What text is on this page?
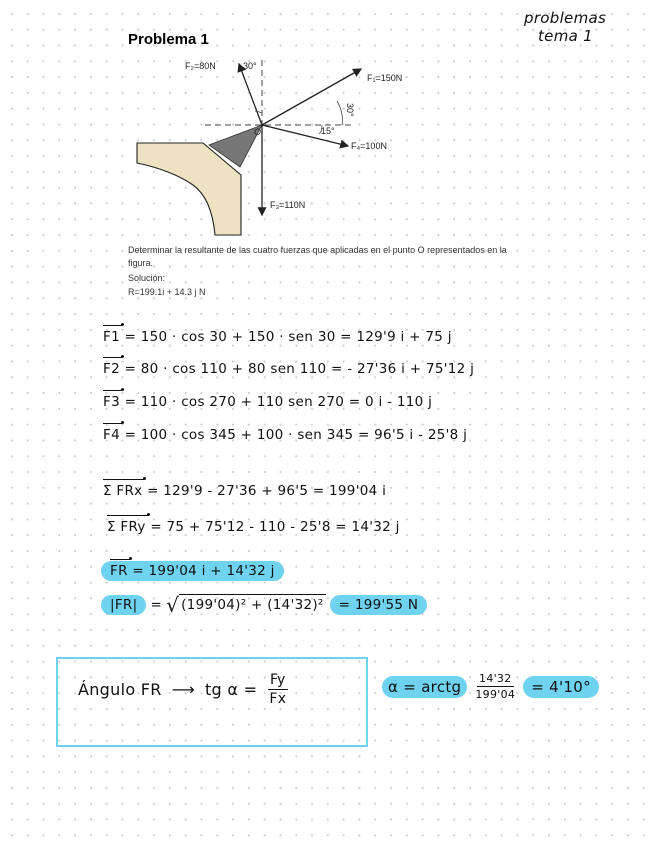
problemas
tema 1
Problema 1
F₂=80N
F₁=150N
F₄=100N
F₃=110N
30°
30°
15°
O
Determinar la resultante de las cuatro fuerzas que aplicadas en el punto O representados en la figura.
Solución:
R=199.1i + 14.3 j N
F1 = 150 · cos 30 + 150 · sen 30 = 129'9 i + 75 j
F2 = 80 · cos 110 + 80 sen 110 = - 27'36 i + 75'12 j
F3 = 110 · cos 270 + 110 sen 270 = 0 i - 110 j
F4 = 100 · cos 345 + 100 · sen 345 = 96'5 i - 25'8 j
Σ FRx = 129'9 - 27'36 + 96'5 = 199'04 i
Σ FRy = 75 + 75'12 - 110 - 25'8 = 14'32 j
FR = 199'04 i + 14'32 j
|FR| = √ (199'04)² + (14'32)²	= 199'55 N
Ángulo FR ⟶ tg $\alpha = \frac{Fy}{Fx}$	α = arctg	$\frac{14'32}{199'04} = 4'10^\circ$
